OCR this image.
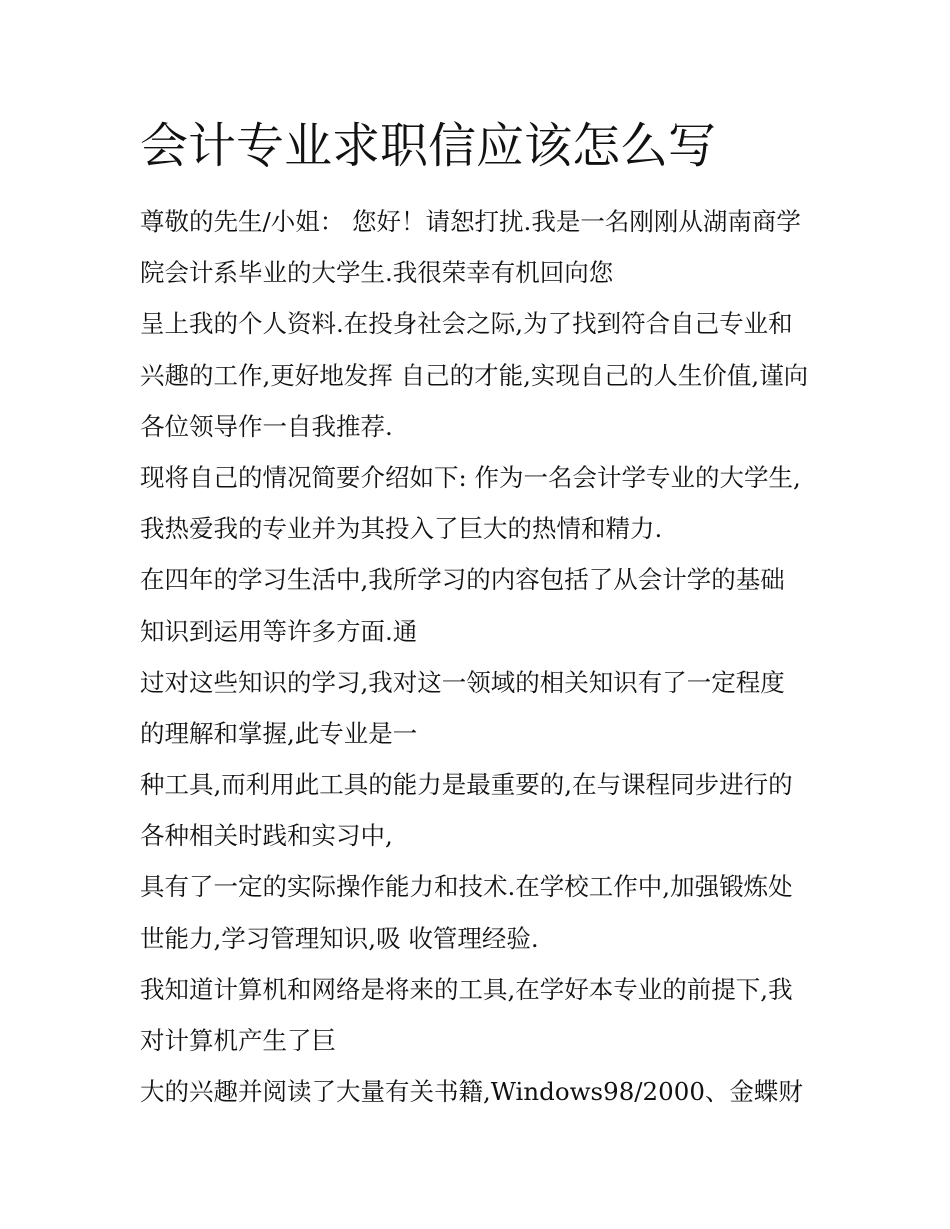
会计专业求职信应该怎么写
尊敬的先生/小姐： 您好！请恕打扰.我是一名刚刚从湖南商学
院会计系毕业的大学生.我很荣幸有机回向您
呈上我的个人资料.在投身社会之际,为了找到符合自己专业和
兴趣的工作,更好地发挥 自己的才能,实现自己的人生价值,谨向
各位领导作一自我推荐.
现将自己的情况简要介绍如下: 作为一名会计学专业的大学生,
我热爱我的专业并为其投入了巨大的热情和精力.
在四年的学习生活中,我所学习的内容包括了从会计学的基础
知识到运用等许多方面.通
过对这些知识的学习,我对这一领域的相关知识有了一定程度
的理解和掌握,此专业是一
种工具,而利用此工具的能力是最重要的,在与课程同步进行的
各种相关时践和实习中,
具有了一定的实际操作能力和技术.在学校工作中,加强锻炼处
世能力,学习管理知识,吸 收管理经验.
我知道计算机和网络是将来的工具,在学好本专业的前提下,我
对计算机产生了巨
大的兴趣并阅读了大量有关书籍,Windows98/2000、金蝶财
